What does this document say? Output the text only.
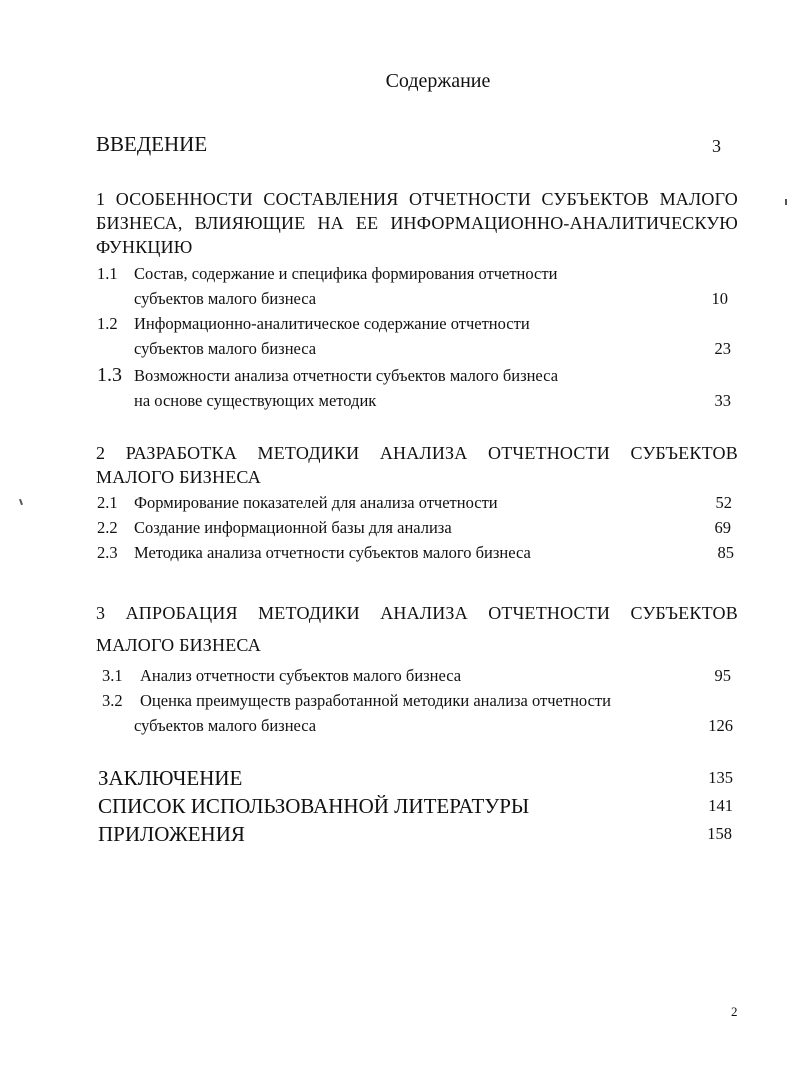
Содержание
ВВЕДЕНИЕ	3
1 ОСОБЕННОСТИ СОСТАВЛЕНИЯ ОТЧЕТНОСТИ СУБЪЕКТОВ МАЛОГО
БИЗНЕСА, ВЛИЯЮЩИЕ НА ЕЕ ИНФОРМАЦИОННО-АНАЛИТИЧЕСКУЮ
ФУНКЦИЮ
1.1 Состав, содержание и специфика формирования отчетности
субъектов малого бизнеса	10
1.2 Информационно-аналитическое содержание отчетности
субъектов малого бизнеса	23
1.3 Возможности анализа отчетности субъектов малого бизнеса
на основе существующих методик	33
2 РАЗРАБОТКА МЕТОДИКИ АНАЛИЗА ОТЧЕТНОСТИ СУБЪЕКТОВ
МАЛОГО БИЗНЕСА
2.1 Формирование показателей для анализа отчетности	52
2.2 Создание информационной базы для анализа	69
2.3 Методика анализа отчетности субъектов малого бизнеса	85
3 АПРОБАЦИЯ МЕТОДИКИ АНАЛИЗА ОТЧЕТНОСТИ СУБЪЕКТОВ
МАЛОГО БИЗНЕСА
3.1 Анализ отчетности субъектов малого бизнеса	95
3.2 Оценка преимуществ разработанной методики анализа отчетности
субъектов малого бизнеса	126
ЗАКЛЮЧЕНИЕ	135
СПИСОК ИСПОЛЬЗОВАННОЙ ЛИТЕРАТУРЫ	141
ПРИЛОЖЕНИЯ	158
2
